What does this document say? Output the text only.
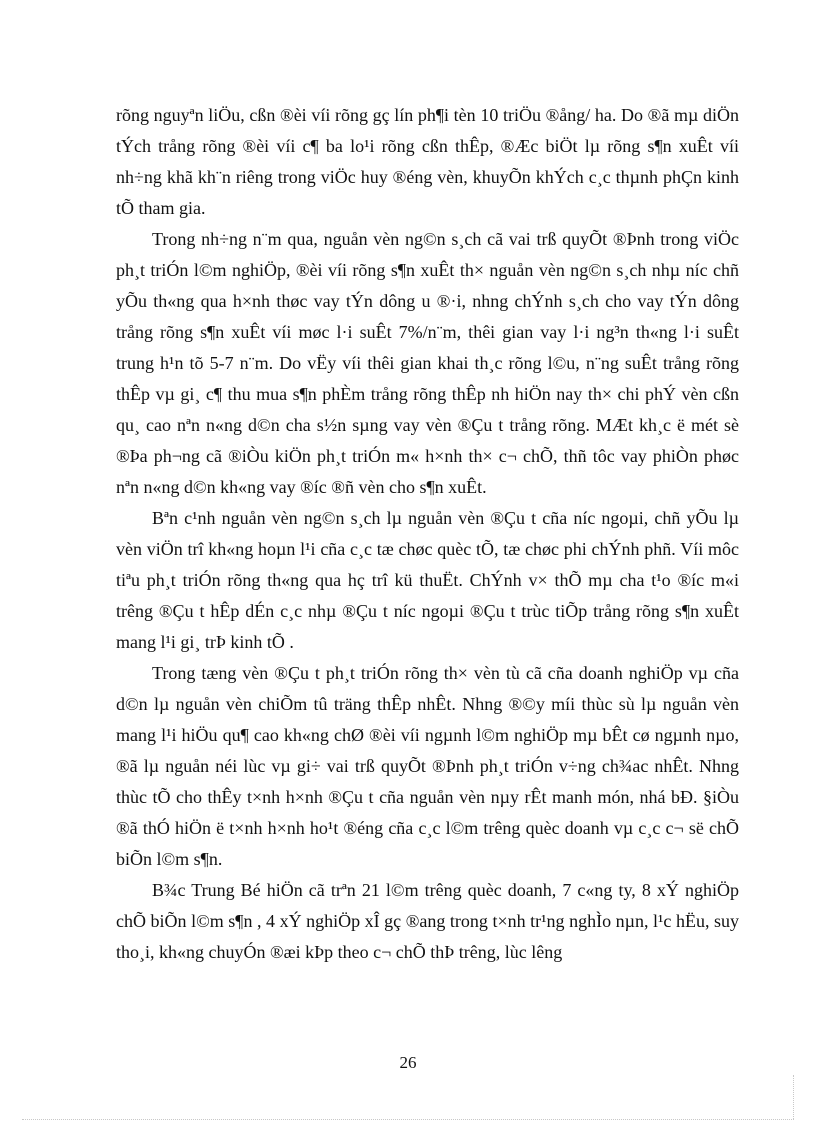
rõng nguyªn liÖu, cßn ®èi víi rõng gç lín ph¶i tèn 10 triÖu ®ång/ ha. Do ®ã mµ diÖn tÝch trång rõng ®èi víi c¶ ba lo¹i rõng cßn thÊp, ®Æc biÖt lµ rõng s¶n xuÊt víi nh÷ng khã kh¨n riêng trong viÖc huy ®éng vèn, khuyÕn khÝch c¸c thµnh phÇn kinh tÕ tham gia.

Trong nh÷ng n¨m qua, nguån vèn ng©n s¸ch cã vai trß quyÕt ®Þnh trong viÖc ph¸t triÓn l©m nghiÖp, ®èi víi rõng s¶n xuÊt th× nguån vèn ng©n s¸ch nhµ níc chñ yÕu th«ng qua h×nh thøc vay tÝn dông u ®·i, nhng chÝnh s¸ch cho vay tÝn dông trång rõng s¶n xuÊt víi møc l·i suÊt 7%/n¨m, thêi gian vay l·i ng³n th«ng l·i suÊt trung h¹n tõ 5-7 n¨m. Do vËy víi thêi gian khai th¸c rõng l©u, n¨ng suÊt trång rõng thÊp vµ gi¸ c¶ thu mua s¶n phÈm trång rõng thÊp nh hiÖn nay th× chi phÝ vèn cßn qu¸ cao nªn n«ng d©n cha s½n sµng vay vèn ®Çu t trång rõng. MÆt kh¸c ë mét sè ®Þa ph¬ng cã ®iÒu kiÖn ph¸t triÓn m« h×nh th× c¬ chÕ, thñ tôc vay phiÒn phøc nªn n«ng d©n kh«ng vay ®íc ®ñ vèn cho s¶n xuÊt.

Bªn c¹nh nguån vèn ng©n s¸ch lµ nguån vèn ®Çu t cña níc ngoµi, chñ yÕu lµ vèn viÖn trî kh«ng hoµn l¹i cña c¸c tæ chøc quèc tÕ, tæ chøc phi chÝnh phñ. Víi môc tiªu ph¸t triÓn rõng th«ng qua hç trî kü thuËt. ChÝnh v× thÕ mµ cha t¹o ®íc m«i trêng ®Çu t hÊp dÉn c¸c nhµ ®Çu t níc ngoµi ®Çu t trùc tiÕp trång rõng s¶n xuÊt mang l¹i gi¸ trÞ kinh tÕ .

Trong tæng vèn ®Çu t ph¸t triÓn rõng th× vèn tù cã cña doanh nghiÖp vµ cña d©n lµ nguån vèn chiÕm tû träng thÊp nhÊt. Nhng ®©y míi thùc sù lµ nguån vèn mang l¹i hiÖu qu¶ cao kh«ng chØ ®èi víi ngµnh l©m nghiÖp mµ bÊt cø ngµnh nµo, ®ã lµ nguån néi lùc vµ gi÷ vai trß quyÕt ®Þnh ph¸t triÓn v÷ng ch¾ac nhÊt. Nhng thùc tÕ cho thÊy t×nh h×nh ®Çu t cña nguån vèn nµy rÊt manh món, nhá bÐ. §iÒu ®ã thÓ hiÖn ë t×nh h×nh ho¹t ®éng cña c¸c l©m trêng quèc doanh vµ c¸c c¬ së chÕ biÕn l©m s¶n.

B¾c Trung Bé hiÖn cã trªn 21 l©m trêng quèc doanh, 7 c«ng ty, 8 xÝ nghiÖp chÕ biÕn l©m s¶n , 4 xÝ nghiÖp xÎ gç ®ang trong t×nh tr¹ng nghÌo nµn, l¹c hËu, suy tho¸i, kh«ng chuyÓn ®æi kÞp theo c¬ chÕ thÞ trêng, lùc lêng

26
